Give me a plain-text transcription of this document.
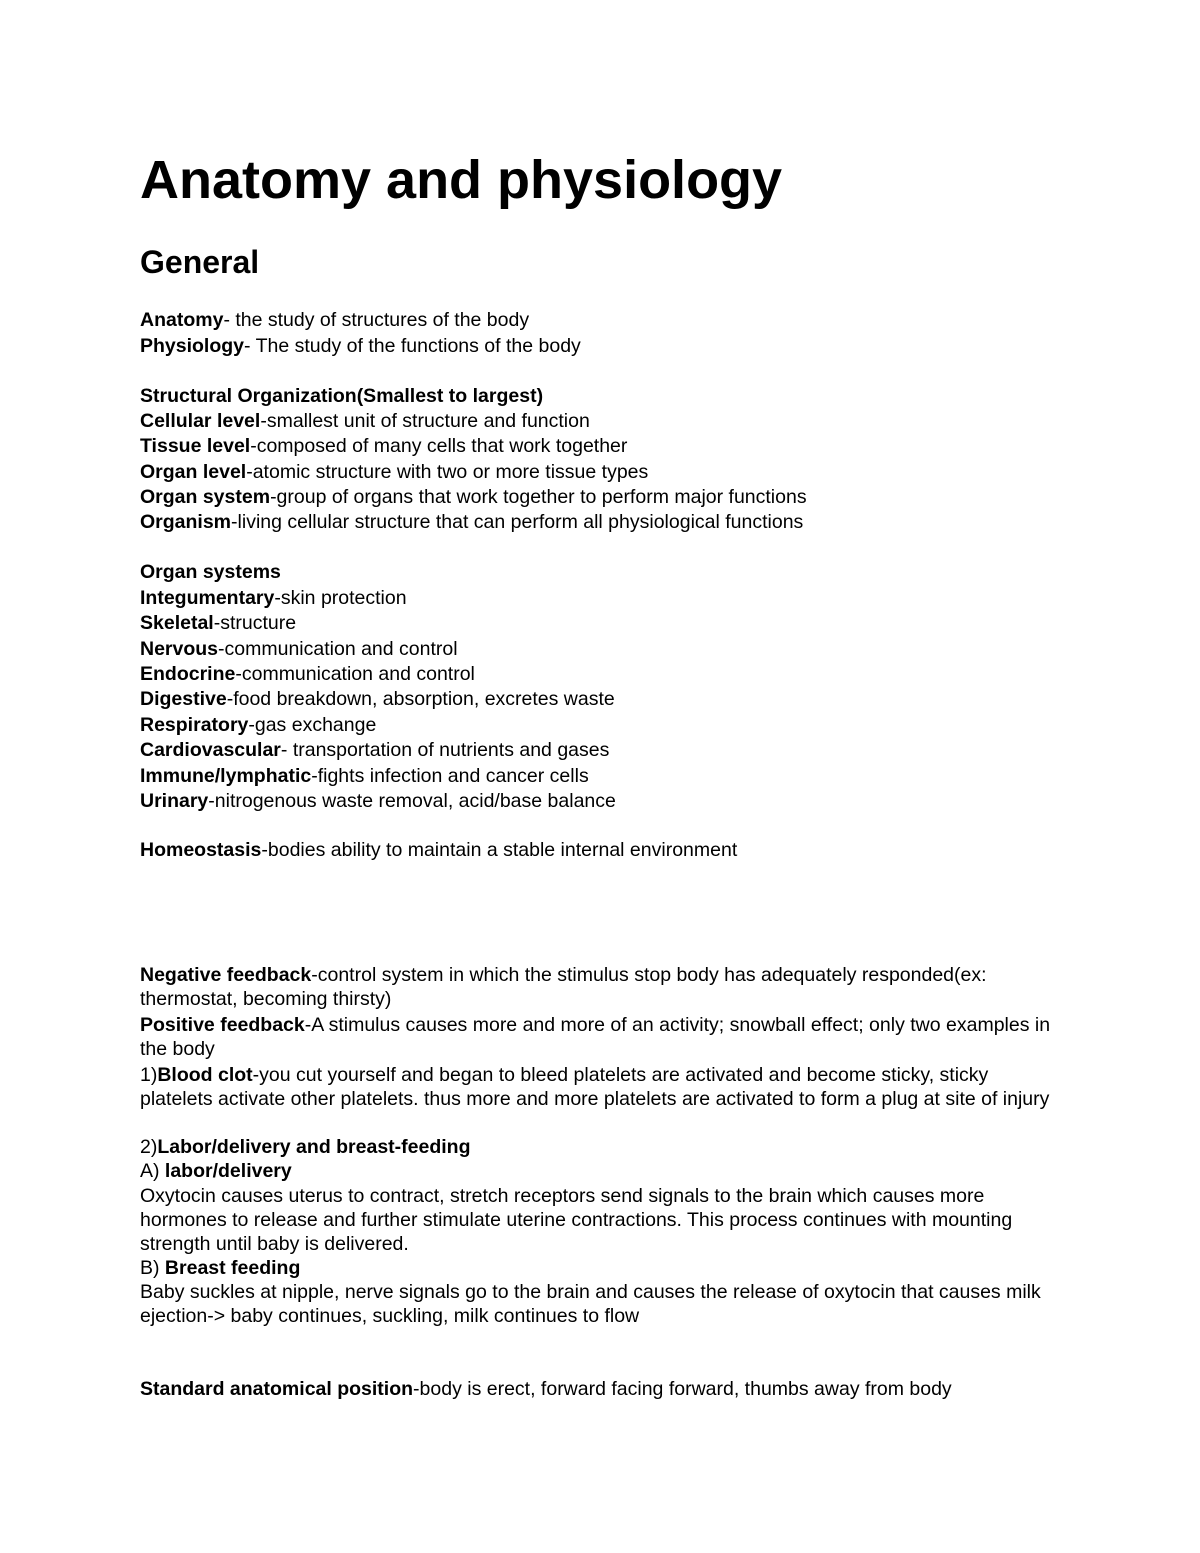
Anatomy and physiology
General
Anatomy- the study of structures of the body
Physiology- The study of the functions of the body
Structural Organization(Smallest to largest)
Cellular level-smallest unit of structure and function
Tissue level-composed of many cells that work together
Organ level-atomic structure with two or more tissue types
Organ system-group of organs that work together to perform major functions
Organism-living cellular structure that can perform all physiological functions
Organ systems
Integumentary-skin protection
Skeletal-structure
Nervous-communication and control
Endocrine-communication and control
Digestive-food breakdown, absorption, excretes waste
Respiratory-gas exchange
Cardiovascular- transportation of nutrients and gases
Immune/lymphatic-fights infection and cancer cells
Urinary-nitrogenous waste removal, acid/base balance
Homeostasis-bodies ability to maintain a stable internal environment
Negative feedback-control system in which the stimulus stop body has adequately responded(ex: thermostat, becoming thirsty)
Positive feedback-A stimulus causes more and more of an activity; snowball effect; only two examples in the body
1)Blood clot-you cut yourself and began to bleed platelets are activated and become sticky, sticky platelets activate other platelets. thus more and more platelets are activated to form a plug at site of injury
2)Labor/delivery and breast-feeding
A) labor/delivery
Oxytocin causes uterus to contract, stretch receptors send signals to the brain which causes more hormones to release and further stimulate uterine contractions. This process continues with mounting strength until baby is delivered.
B) Breast feeding
Baby suckles at nipple, nerve signals go to the brain and causes the release of oxytocin that causes milk ejection-> baby continues, suckling, milk continues to flow
Standard anatomical position-body is erect, forward facing forward, thumbs away from body
